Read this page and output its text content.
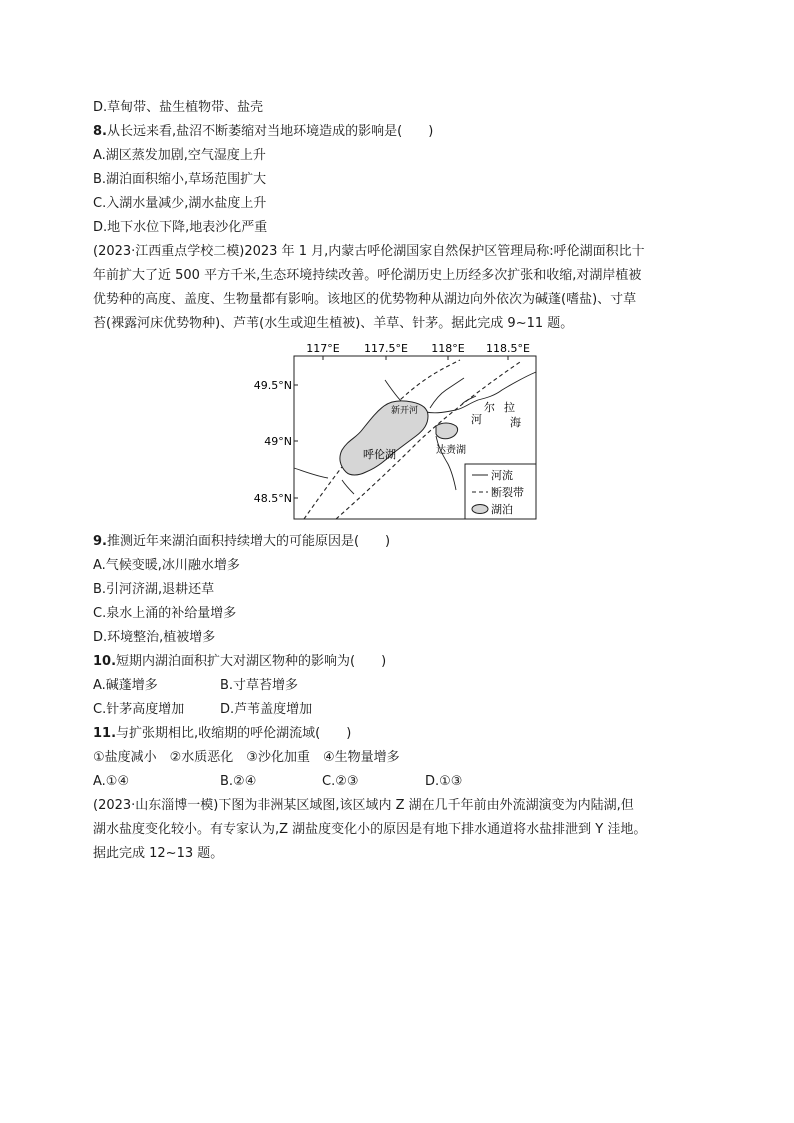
D.草甸带、盐生植物带、盐壳
8.从长远来看,盐沼不断萎缩对当地环境造成的影响是(　　)
A.湖区蒸发加剧,空气湿度上升
B.湖泊面积缩小,草场范围扩大
C.入湖水量减少,湖水盐度上升
D.地下水位下降,地表沙化严重
(2023·江西重点学校二模)2023 年 1 月,内蒙古呼伦湖国家自然保护区管理局称:呼伦湖面积比十
年前扩大了近 500 平方千米,生态环境持续改善。呼伦湖历史上历经多次扩张和收缩,对湖岸植被
优势种的高度、盖度、生物量都有影响。该地区的优势物种从湖边向外依次为碱蓬(嗜盐)、寸草
苔(裸露河床优势物种)、芦苇(水生或迎生植被)、羊草、针茅。据此完成 9~11 题。
117°E 117.5°E 118°E 118.5°E
49.5°N
49°N
48.5°N
新开河
呼伦湖	达赉湖
河
尔 拉
海
河流
断裂带
湖泊
9.推测近年来湖泊面积持续增大的可能原因是(　　)
A.气候变暖,冰川融水增多
B.引河济湖,退耕还草
C.泉水上涌的补给量增多
D.环境整治,植被增多
10.短期内湖泊面积扩大对湖区物种的影响为(　　)
A.碱蓬增多	B.寸草苔增多
C.针茅高度增加	D.芦苇盖度增加
11.与扩张期相比,收缩期的呼伦湖流域(　　)
①盐度减小　②水质恶化　③沙化加重　④生物量增多
A.①④	B.②④	C.②③	D.①③
(2023·山东淄博一模)下图为非洲某区域图,该区域内 Z 湖在几千年前由外流湖演变为内陆湖,但
湖水盐度变化较小。有专家认为,Z 湖盐度变化小的原因是有地下排水通道将水盐排泄到 Y 洼地。
据此完成 12~13 题。
